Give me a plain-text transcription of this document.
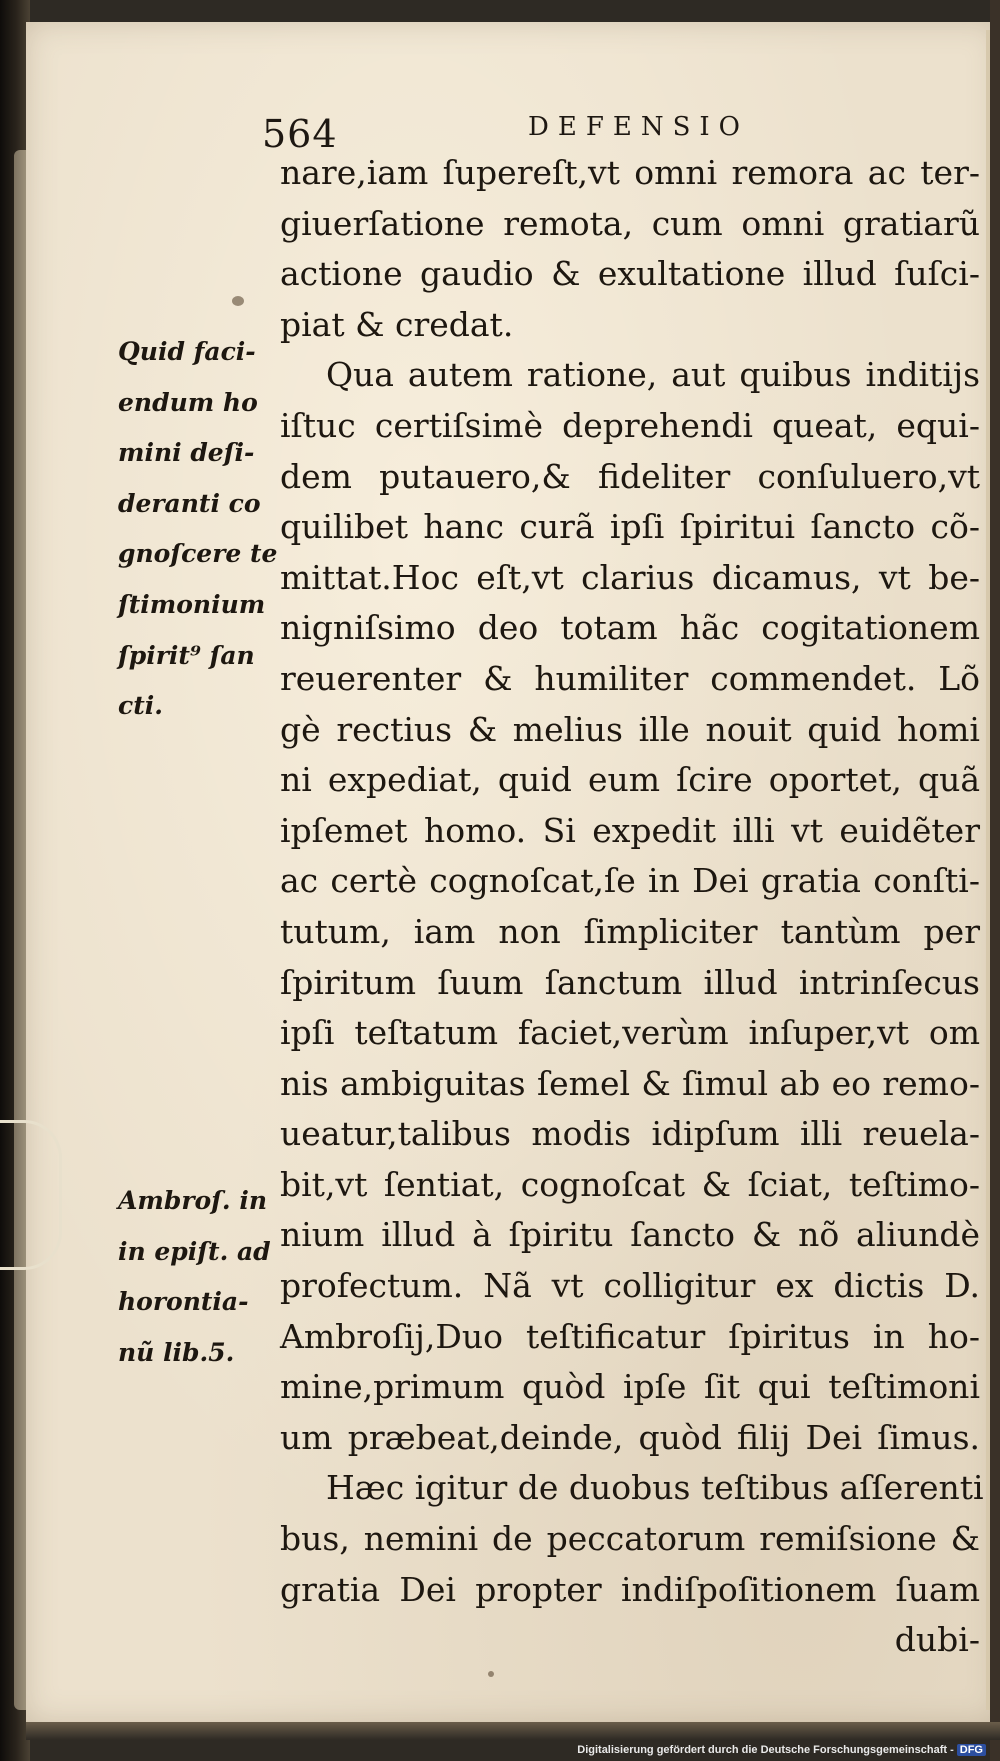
564	DEFENSIO
nare,iam ſupereſt,vt omni remora ac ter-
giuerſatione remota, cum omni gratiarũ
actione gaudio & exultatione illud ſuſci-
piat & credat.
Qua autem ratione, aut quibus inditijs
iſtuc certiſsimè deprehendi queat, equi-
dem putauero,& fideliter conſuluero,vt
quilibet hanc curã ipſi ſpiritui ſancto cõ-
mittat.Hoc eſt,vt clarius dicamus, vt be-
nigniſsimo deo totam hãc cogitationem
reuerenter & humiliter commendet. Lõ
gè rectius & melius ille nouit quid homi
ni expediat, quid eum ſcire oportet, quã
ipſemet homo. Si expedit illi vt euidẽter
ac certè cognoſcat,ſe in Dei gratia conſti-
tutum, iam non ſimpliciter tantùm per
ſpiritum ſuum ſanctum illud intrinſecus
ipſi teſtatum faciet,verùm inſuper,vt om
nis ambiguitas ſemel & ſimul ab eo remo-
ueatur,talibus modis idipſum illi reuela-
bit,vt ſentiat, cognoſcat & ſciat, teſtimo-
nium illud à ſpiritu ſancto & nõ aliundè
profectum. Nã vt colligitur ex dictis D.
Ambroſij,Duo teſtificatur ſpiritus in ho-
mine,primum quòd ipſe ſit qui teſtimoni
um præbeat,deinde, quòd filij Dei ſimus.
Hæc igitur de duobus teſtibus aſſerenti
bus, nemini de peccatorum remiſsione &
gratia Dei propter indiſpoſitionem ſuam
dubi-
Quid faci-
endum ho
mini deſi-
deranti co
gnoſcere te
ſtimonium
ſpirit⁹ ſan
cti.
Ambroſ. in
in epiſt. ad
horontia-
nũ lib.5.
Digitalisierung gefördert durch die Deutsche Forschungsgemeinschaft - DFG
